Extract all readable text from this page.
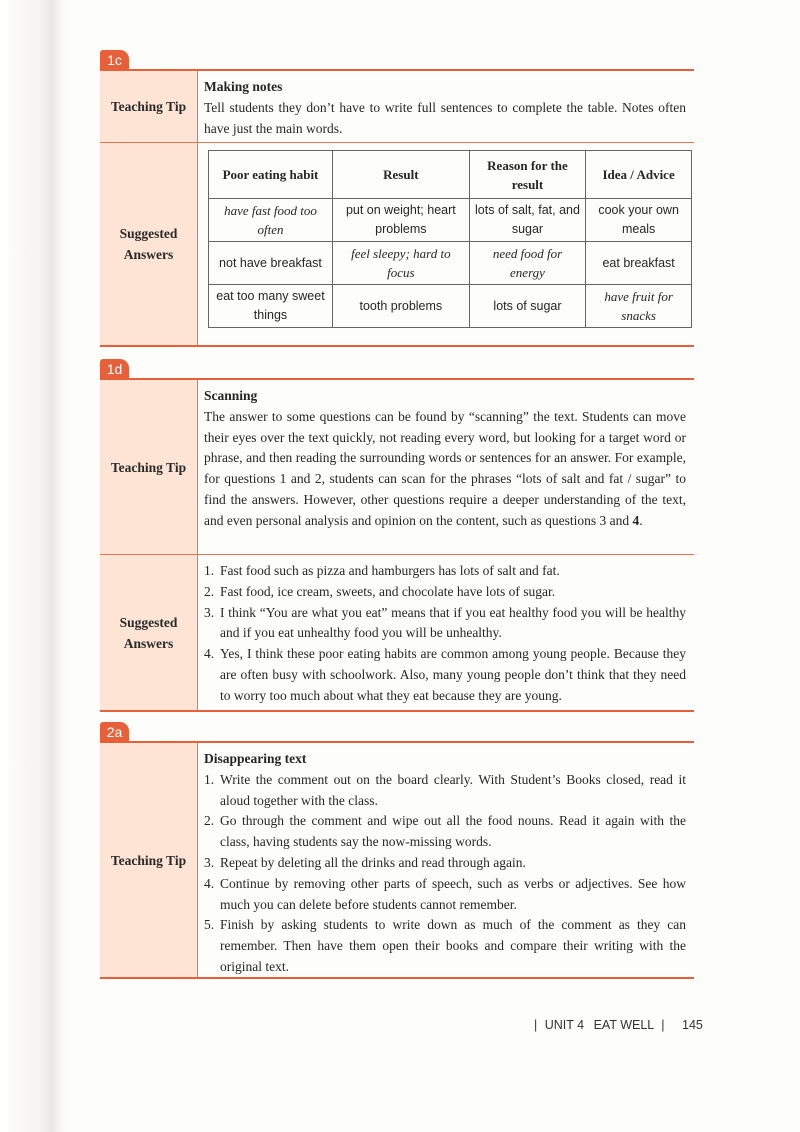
1c
Teaching Tip
Making notes
Tell students they don’t have to write full sentences to complete the table. Notes often have just the main words.
Suggested Answers
Poor eating habit	Result	Reason for the result	Idea / Advice
have fast food too often	put on weight; heart problems	lots of salt, fat, and sugar	cook your own meals
not have breakfast	feel sleepy; hard to focus	need food for energy	eat breakfast
eat too many sweet things	tooth problems	lots of sugar	have fruit for snacks
1d
Teaching Tip
Scanning
The answer to some questions can be found by “scanning” the text. Students can move their eyes over the text quickly, not reading every word, but looking for a target word or phrase, and then reading the surrounding words or sentences for an answer. For example, for questions 1 and 2, students can scan for the phrases “lots of salt and fat / sugar” to find the answers. However, other questions require a deeper understanding of the text, and even personal analysis and opinion on the content, such as questions 3 and 4.
Suggested Answers
1. Fast food such as pizza and hamburgers has lots of salt and fat.
2. Fast food, ice cream, sweets, and chocolate have lots of sugar.
3. I think “You are what you eat” means that if you eat healthy food you will be healthy and if you eat unhealthy food you will be unhealthy.
4. Yes, I think these poor eating habits are common among young people. Because they are often busy with schoolwork. Also, many young people don’t think that they need to worry too much about what they eat because they are young.
2a
Teaching Tip
Disappearing text
1. Write the comment out on the board clearly. With Student’s Books closed, read it aloud together with the class.
2. Go through the comment and wipe out all the food nouns. Read it again with the class, having students say the now-missing words.
3. Repeat by deleting all the drinks and read through again.
4. Continue by removing other parts of speech, such as verbs or adjectives. See how much you can delete before students cannot remember.
5. Finish by asking students to write down as much of the comment as they can remember. Then have them open their books and compare their writing with the original text.
| UNIT 4 EAT WELL | 145
